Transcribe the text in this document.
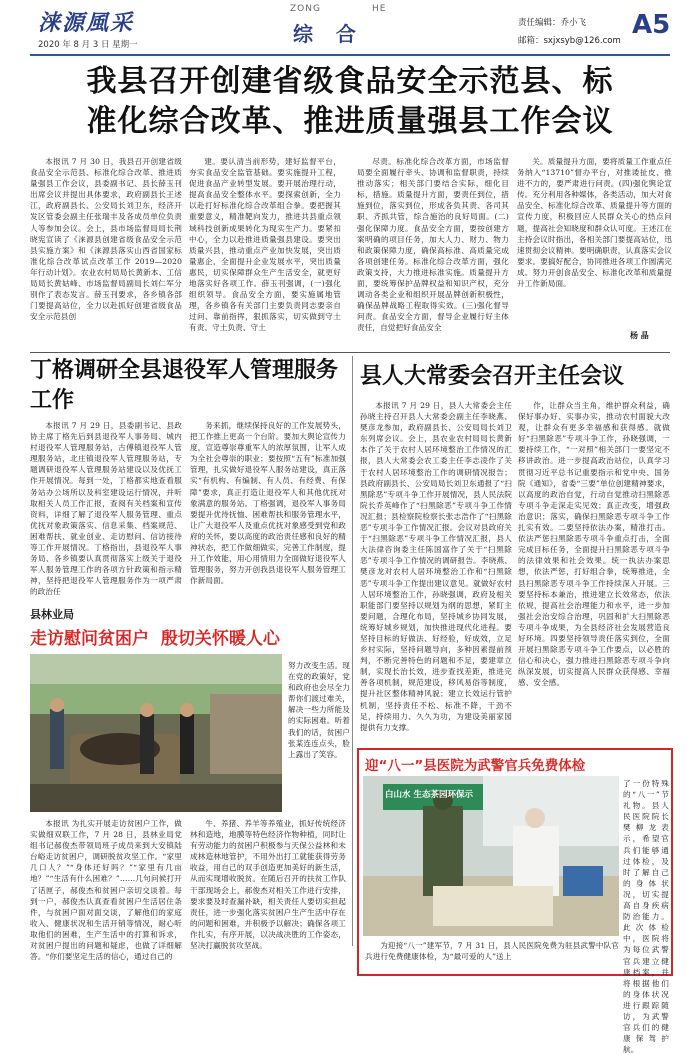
涞源風采
2020 年 8 月 3 日 星期一
ZONG	HE
综  合	责任编辑：乔小飞
邮箱：sxjxsyb@126.com
A5
我县召开创建省级食品安全示范县、标
准化综合改革、推进质量强县工作会议

本报讯 7 月 30 日，我县召开创建省级食品安全示范县、标准化综合改革、推进质量强县工作会议，县委副书记、县长薛玉刊出席会议并提出具体要求，政府副县长王述江，政府副县长、公安局长刘卫东，经济开发区管委会副主任张瑞丰及各成员单位负责人等参加会议。会上，县市场监督局局长荆晓宪宣读了《涞源县创建省级食品安全示范县实施方案》和《涞源县落实山西省国家标准化综合改革试点改革工作 2019—2020 年行动计划》。农业农村局局长黄新本、工信局局长黄姑峰、市场监督局副局长刘仁军分别作了表态发言。薛玉刊要求，各乡镇各部门要提高站位，全力以赴抓好创建省级食品安全示范县创

建。要认清当前形势，建好监督平台，夯实食品安全监管基础。要实施提升工程，促进食品产业转型发展。要开展治理行动，提高食品安全整体水平。要探索创新，全力以赴打好标准化综合改革组合拳。要把握其重要意义，精准靶向发力，推进共县重点领域科技创新成果转化为现实生产力。要紧扣中心，全力以赴推进质量强县建设。要突出质量兴县，推动重点产业加快发展，突出质量惠企，全面提升企业发展水平，突出质量惠民，切实保障群众生产生活安全，就更好地落实好各项工作。薛玉刊强调，(一)强化组织领导。食品安全方面，要实施属地管理，各乡镇各有关部门主要负责同志要亲自过问、靠前指挥，狠抓落实，切实做到守土有责、守土负责、守土

尽责。标准化综合改革方面，市场监督局要全面履行牵头、协调和监督职责，持续推动落实；相关部门要结合实际，细化目标，措施。质量提升方面，要责任到位，措施到位，落实到位，形成各负其责、各司其职、齐抓共管，综合施治的良好局面。(二)强化保障力度。食品安全方面，要按创建方案明确的项目任务，加大人力、财力、物力和政策保障力度，确保高标准、高质量完成各项创建任务。标准化综合改革方面，强化政策支持，大力推进标准实施。质量提升方面，要统筹保护品牌权益和知识产权，充分调动各类企业和组织开展品牌创新积极性，确保品牌战略工程取得实效。(三)强化督导问责。食品安全方面，督导企业履行好主体责任，自觉把好食品安全

关。质量提升方面，要将质量工作重点任务纳入“13710”督办平台，对推诿扯皮、推进不力的，要严肃进行问责。(四)强化舆论宣传。充分利用各种媒体，各类活动，加大对食品安全、标准化综合改革、质量提升等方面的宣传力度，积极回应人民群众关心的热点问题，提高社会知晓度和群众认可度。王述江在主持会议时指出，各相关部门要提高站位，迅速贯彻会议精神。要明确职责，认真落实会议要求。要搞好配合，协同推进各项工作圆满完成。努力开创食品安全、标准化改革和质量提升工作新局面。

杨 晶
丁格调研全县退役军人管理服务工作

本报讯 7 月 29 日，县委副书记、县政协主席丁格先后到县退役军人事务局、城内村退役军人管理服务站，古傅镇退役军人管理服务站，北庄镇退役军人管理服务站，专题调研退役军人管理服务站建设以及优抚工作开展情况。每到一处，丁格都实地查看服务站办公场所以及科室建设运行情况，并听取相关人员工作汇报，查阅有关档案和宣传资料，详细了解了退役军人服务管理、重点优抚对象政策落实、信息采集、档案规范、困难帮扶、就业创业、走访慰问、信访接待等工作开展情况。丁格指出，县退役军人事务局、各乡镇要认真贯彻落实上级关于退役军人服务管理工作的各项方针政策和指示精神，坚持把退役军人管理服务作为一项严肃的政治任

务来抓，继续保持良好的工作发展势头，把工作推上更高一个台阶。要加大舆论宣传力度，宣造尊崇尊重军人的浓厚氛围，让军人成为全社会尊崇的职业；要按照“五有”标准加强管理，扎实做好退役军人服务站建设，真正落实“有机构、有编制、有人员、有经费、有保障”要求，真正打造让退役军人和其他优抚对象满意的服务站。丁格强调，退役军人事务局要提升优待抚恤、困难帮扶和服务管理水平，让广大退役军人及重点优抚对象感受到党和政府的关怀，要以高度的政治责任感和良好的精神状态，把工作做细做实，完善工作制度，提升工作效能，用心用情用力全面做好退役军人管理服务，努力开创我县退役军人服务管理工作新局面。

县人大常委会召开主任会议

本报讯 7 月 29 日，县人大常委会主任孙晓主持召开县人大常委会副主任李晓燕、樊彦龙参加，政府副县长、公安局局长刘卫东列席会议。会上，县农业农村局局长黄新本作了关于农村人居环境整治工作情况的汇报，县人大常委会农工委主任李志凌作了关于农村人居环境整治工作的调研情况报告；县政府副县长、公安局局长刘卫东通报了“扫黑除恶”专项斗争工作开展情况，县人民法院院长乔英峰作了“扫黑除恶”专项斗争工作情况汇报；县检察院检察长张志浩作了“扫黑除恶”专项斗争工作情况汇报。会议对县政府关于“扫黑除恶”专项斗争工作情况汇报，县人大法律咨询委主任陈国富作了关于“扫黑除恶”专项斗争工作情况的调研报告。李晓燕、樊彦龙对农村人居环境整治工作和“扫黑除恶”专项斗争工作提出建议意见。就做好农村人居环境整治工作，孙晓强调，政府及相关职能部门要坚持以规划为纲的思想，紧盯主要问题，合理化布局，坚持城乡协同发展，统筹好城乡规划，加快推进现代化进程。要坚持目标的好做法、好经验，好成效，立足乡村实际，坚持问题导向，多种因素提前预判，不断完善特色的问题和不足，要建章立制，实现长治长效，进步查找差距，推进完善各项机制，规范建设，移风易俗等制度，提升社区整体精神风貌；建立长效运行管护机制，坚持责任不松、标准不降，干劲不足，持续用力、久久为功，为建设美丽家园提供有力支撑。

作，让群众当主角，维护群众利益，确保好事办好、实事办实，推动农村面貌大改观，让群众有更多幸福感和获得感。就做好“扫黑除恶”专项斗争工作，孙晓强调，一要持续工作，“一对照”相关部门一要坚定不移讲政治。进一步提高政治站位，认真学习贯彻习近平总书记重要指示和党中央、国务院《通知》，省委“三要”单位创建精神要求，以高度的政治自觉，行动自觉推动扫黑除恶专项斗争走深走实见效；真正改变，增强政治意识；落实，确保扫黑除恶专项斗争工作扎实有效。二要坚持依法办案，精准打击。依法严惩扫黑除恶专项斗争重点打击，全面完成目标任务，全面提升扫黑除恶专项斗争的法律效果和社会效果。统一执法办案思想，依法严惩，打好组合拳，统筹推进，全县扫黑除恶专项斗争工作持续深入开展。三要坚持标本兼治，推进建立长效常态，依法依规，提高社会治理能力和水平，进一步加强社会治安综合治理，巩固和扩大扫黑除恶专项斗争成果，为全县经济社会发展营造良好环境。四要坚持领导责任落实到位，全面开展扫黑除恶专项斗争工作要点，以必胜的信心和决心，强力推进扫黑除恶专项斗争向纵深发展，切实提高人民群众获得感、幸福感、安全感。

县林业局
走访慰问贫困户  殷切关怀暖人心

努力改变生活。现在党的政策好，党和政府也会尽全力帮你们渡过难关，解决一些力所能及的实际困难。听着我们的话，贫困户张某连连点头，脸上露出了笑容。

本报讯 为扎实开展走访贫困户工作，做实做细双联工作，7 月 28 日，县林业局党组书记郝俊杰带领局班子成员来到大安镇陆台峪走访贫困户，调研脱贫攻坚工作。“家里几口人？”“身体还好吗？”“家里有几亩地？”“生活有什么困难？”……几句问候打开了话匣子，郝俊杰和贫困户亲切交谈着。每到一户，郝俊杰认真查看贫困户生活居住条件，与贫困户面对面交谈，了解他们的家庭收入、健康状况和生活开销等情况，耐心听取他们的困难，生产生活中的打算和诉求，对贫困户提出的问题和疑虑，也做了详细解答。“你们要坚定生活的信心，通过自己的

牛、养猪、养羊等养殖业，抓好传统经济林和造地，地膜等特色经济作物种植，同时让有劳动能力的贫困户积极参与天保公益林和未成林造林地管护，不用外出打工就能获得劳务收益，用自己的双手创造更加美好的新生活，从而实现增收脱贫。在随后召开的扶贫工作队干部现场会上，郝俊杰对相关工作进行安排，要求要及时查漏补缺，相关责任人要切实担起责任，进一步强化落实贫困户生产生活中存在的问题和困难，并积极予以解决；确保各项工作扎实，有序开展，以决战决胜的工作姿态，坚决打赢脱贫攻坚战。

迎“八一”县医院为武警官兵免费体检
白山水 生态茶园环保示

了一份特殊的“八一”节礼物。县人民医院院长樊柳龙表示，希望官兵们能够通过体检，及时了解自己的身体状况，切实提高自身疾病防治能力。此次体检中，医院将为每位武警官兵建立健康档案，并将根据他们的身体状况进行跟踪随访，为武警官兵们的健康保驾护航。

为迎接“八一”建军节，7 月 31 日，县人民医院免费为驻县武警中队官兵进行免费健康体检，为“最可爱的人”送上
